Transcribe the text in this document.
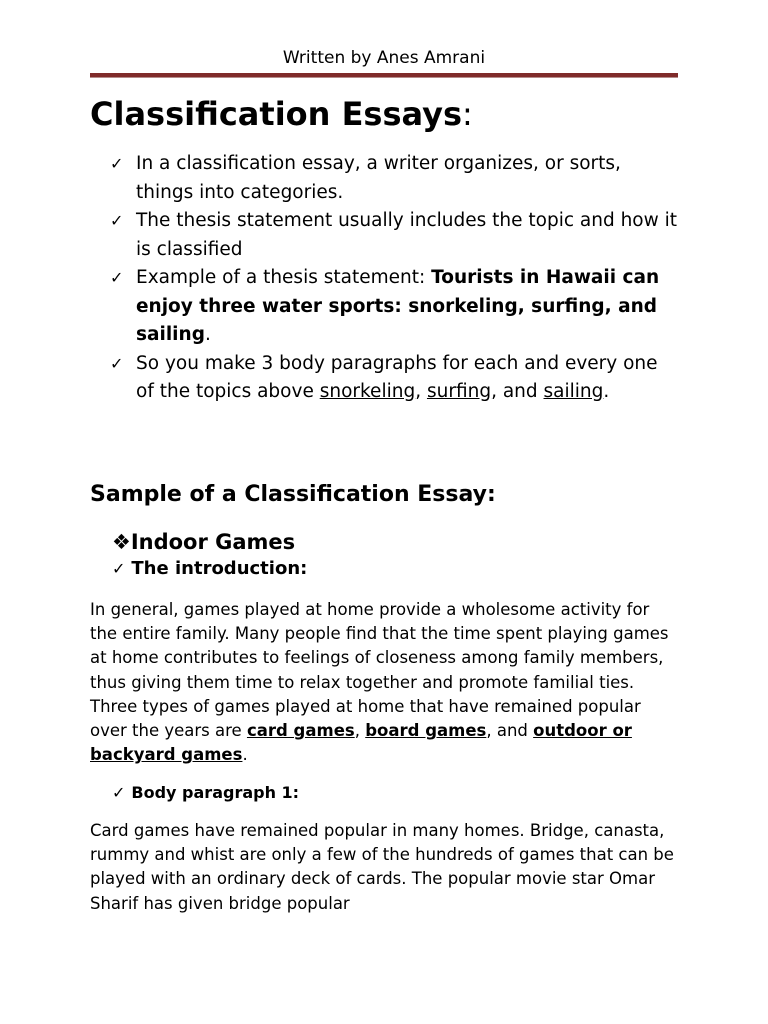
Written by Anes Amrani
Classification Essays:
✓ In a classification essay, a writer organizes, or sorts, things into categories.
✓ The thesis statement usually includes the topic and how it is classified
✓ Example of a thesis statement: Tourists in Hawaii can enjoy three water sports: snorkeling, surfing, and sailing.
✓ So you make 3 body paragraphs for each and every one of the topics above snorkeling, surfing, and sailing.
Sample of a Classification Essay:
❖Indoor Games
✓ The introduction:

In general, games played at home provide a wholesome activity for the entire family. Many people find that the time spent playing games at home contributes to feelings of closeness among family members, thus giving them time to relax together and promote familial ties. Three types of games played at home that have remained popular over the years are card games, board games, and outdoor or backyard games.

✓ Body paragraph 1:

Card games have remained popular in many homes. Bridge, canasta, rummy and whist are only a few of the hundreds of games that can be played with an ordinary deck of cards. The popular movie star Omar Sharif has given bridge popular
